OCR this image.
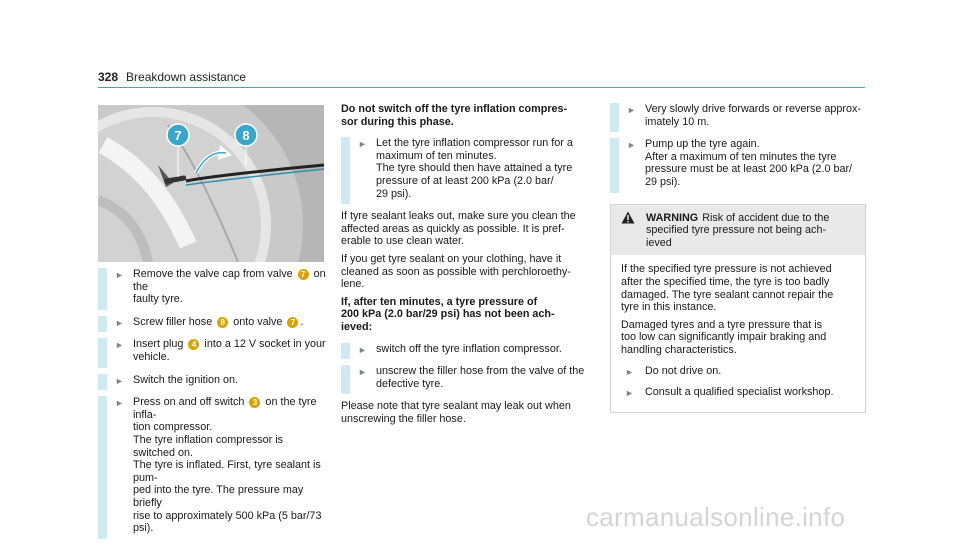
328 Breakdown assistance
7	8
► Remove the valve cap from valve 7 on the
faulty tyre.

► Screw filler hose 8 onto valve 7 .

► Insert plug 4 into a 12 V socket in your
vehicle.

► Switch the ignition on.

► Press on and off switch 3 on the tyre infla-
tion compressor.
The tyre inflation compressor is switched on.
The tyre is inflated. First, tyre sealant is pum-
ped into the tyre. The pressure may briefly
rise to approximately 500 kPa (5 bar/73 psi).

Do not switch off the tyre inflation compres-
sor during this phase.

► Let the tyre inflation compressor run for a
maximum of ten minutes.
The tyre should then have attained a tyre
pressure of at least 200 kPa (2.0 bar/
29 psi).

If tyre sealant leaks out, make sure you clean the
affected areas as quickly as possible. It is pref-
erable to use clean water.

If you get tyre sealant on your clothing, have it
cleaned as soon as possible with perchloroethy-
lene.

If, after ten minutes, a tyre pressure of
200 kPa (2.0 bar/29 psi) has not been ach-
ieved:

► switch off the tyre inflation compressor.

► unscrew the filler hose from the valve of the
defective tyre.

Please note that tyre sealant may leak out when
unscrewing the filler hose.

► Very slowly drive forwards or reverse approx-
imately 10 m.

► Pump up the tyre again.
After a maximum of ten minutes the tyre
pressure must be at least 200 kPa (2.0 bar/
29 psi).

WARNING Risk of accident due to the
specified tyre pressure not being ach-
ieved

If the specified tyre pressure is not achieved
after the specified time, the tyre is too badly
damaged. The tyre sealant cannot repair the
tyre in this instance.

Damaged tyres and a tyre pressure that is
too low can significantly impair braking and
handling characteristics.

► Do not drive on.
► Consult a qualified specialist workshop.
carmanualsonline.info
